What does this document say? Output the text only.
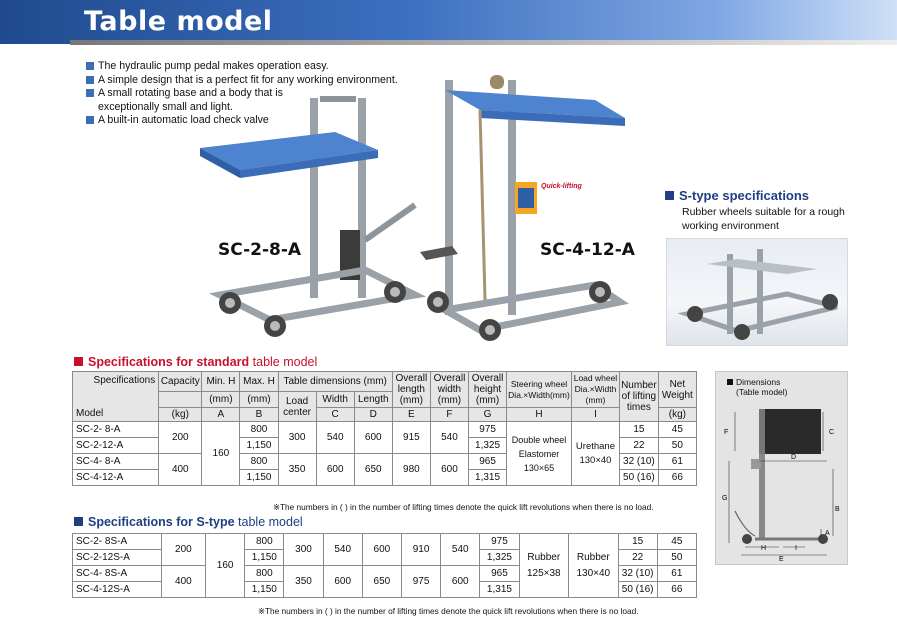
Table model
The hydraulic pump pedal makes operation easy.
A simple design that is a perfect fit for any working environment.
A small rotating base and a body that is
exceptionally small and light.
A built-in automatic load check valve
Quick-lifting
SC-2-8-A	SC-4-12-A
S-type specifications
Rubber wheels suitable for a rough working environment
Specifications for standard table model
Specifications
Model	Capacity	Min. H	Max. H	Table dimensions (mm)			Overall length (mm)	Overall width (mm)	Overall height (mm)	Steering wheel Dia.×Width(mm)	Load wheel Dia.×Width (mm)	Number of lifting times	Net Weight
		(mm)	(mm)	Load center	Width	Length							
	(kg)	A	B		C	D	E	F	G	H	I		(kg)
SC-2- 8-A	200	160	800	300	540	600	915	540	975	Double wheel Elastomer 130×65	Urethane 130×40	15	45
SC-2-12-A			1,150						1,325			22	50
SC-4- 8-A	400		800	350	600	650	980	600	965			32 (10)	61
SC-4-12-A			1,150						1,315			50 (16)	66
※The numbers in ( ) in the number of lifting times denote the quick lift revolutions when there is no load.
Specifications for S-type table model
SC-2- 8S-A	200	160	800	300	540	600	910	540	975	Rubber 125×38	Rubber 130×40	15	45
SC-2-12S-A			1,150						1,325			22	50
SC-4- 8S-A	400		800	350	600	650	975	600	965			32 (10)	61
SC-4-12S-A			1,150						1,315			50 (16)	66
※The numbers in ( ) in the number of lifting times denote the quick lift revolutions when there is no load.
Dimensions
(Table model)
C
F
D
B
G
A
H	I
E
